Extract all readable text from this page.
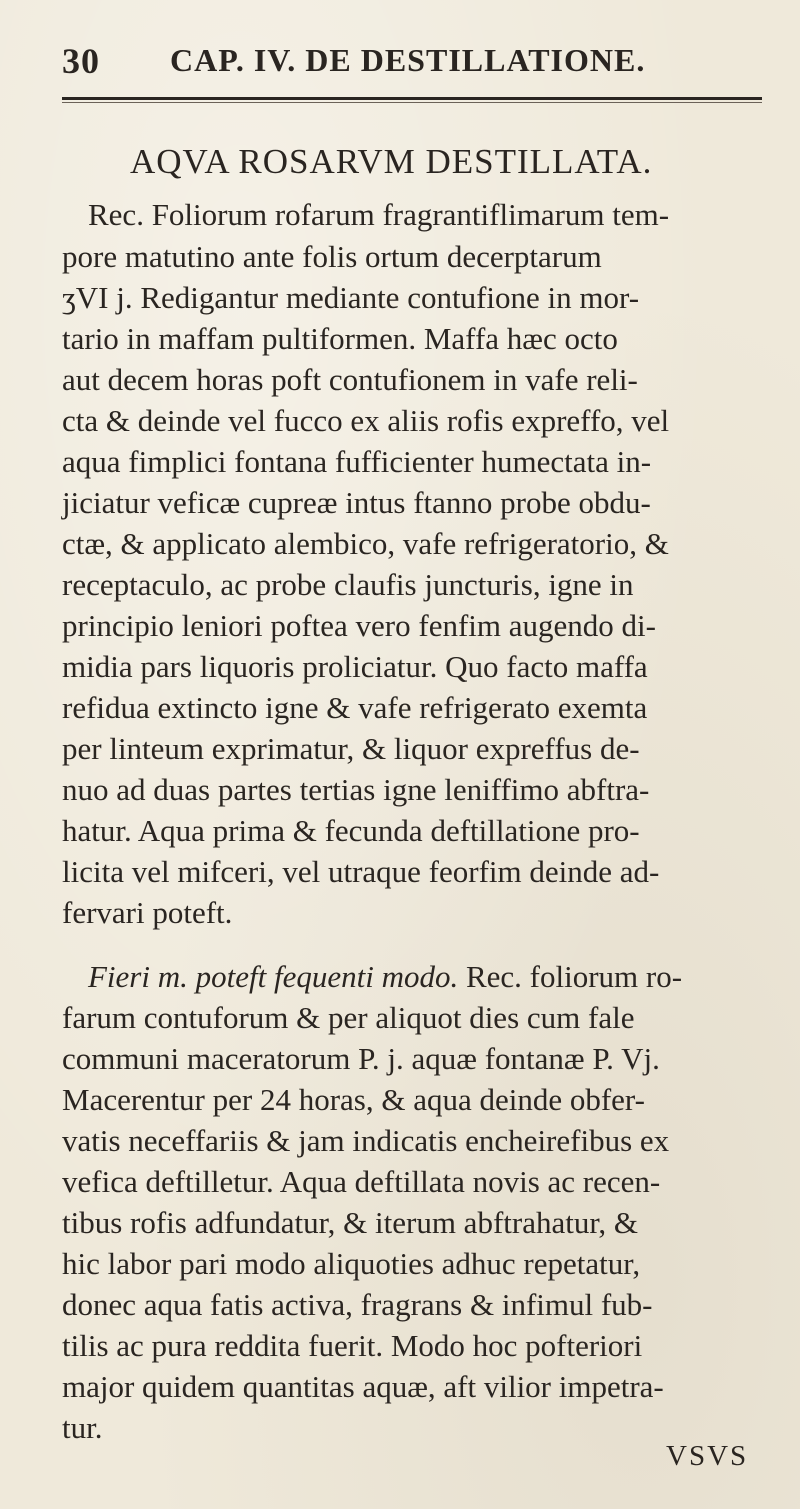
30 CAP. IV. DE DESTILLATIONE.
AQVA ROSARVM DESTILLATA.
Rec. Foliorum rofarum fragrantiflimarum tem-
pore matutino ante folis ortum decerptarum
ʒVI j. Redigantur mediante contufione in mor-
tario in maffam pultiformen. Maffa hæc octo
aut decem horas poft contufionem in vafe reli-
cta & deinde vel fucco ex aliis rofis expreffo, vel
aqua fimplici fontana fufficienter humectata in-
jiciatur veficæ cupreæ intus ftanno probe obdu-
ctæ, & applicato alembico, vafe refrigeratorio, &
receptaculo, ac probe claufis juncturis, igne in
principio leniori poftea vero fenfim augendo di-
midia pars liquoris proliciatur. Quo facto maffa
refidua extincto igne & vafe refrigerato exemta
per linteum exprimatur, & liquor expreffus de-
nuo ad duas partes tertias igne leniffimo abftra-
hatur. Aqua prima & fecunda deftillatione pro-
licita vel mifceri, vel utraque feorfim deinde ad-
fervari poteft.
Fieri m. poteft fequenti modo. Rec. foliorum ro-
farum contuforum & per aliquot dies cum fale
communi maceratorum P. j. aquæ fontanæ P. Vj.
Macerentur per 24 horas, & aqua deinde obfer-
vatis neceffariis & jam indicatis encheirefibus ex
vefica deftilletur. Aqua deftillata novis ac recen-
tibus rofis adfundatur, & iterum abftrahatur, &
hic labor pari modo aliquoties adhuc repetatur,
donec aqua fatis activa, fragrans & infimul fub-
tilis ac pura reddita fuerit. Modo hoc pofteriori
major quidem quantitas aquæ, aft vilior impetra-
tur.
VSVS
